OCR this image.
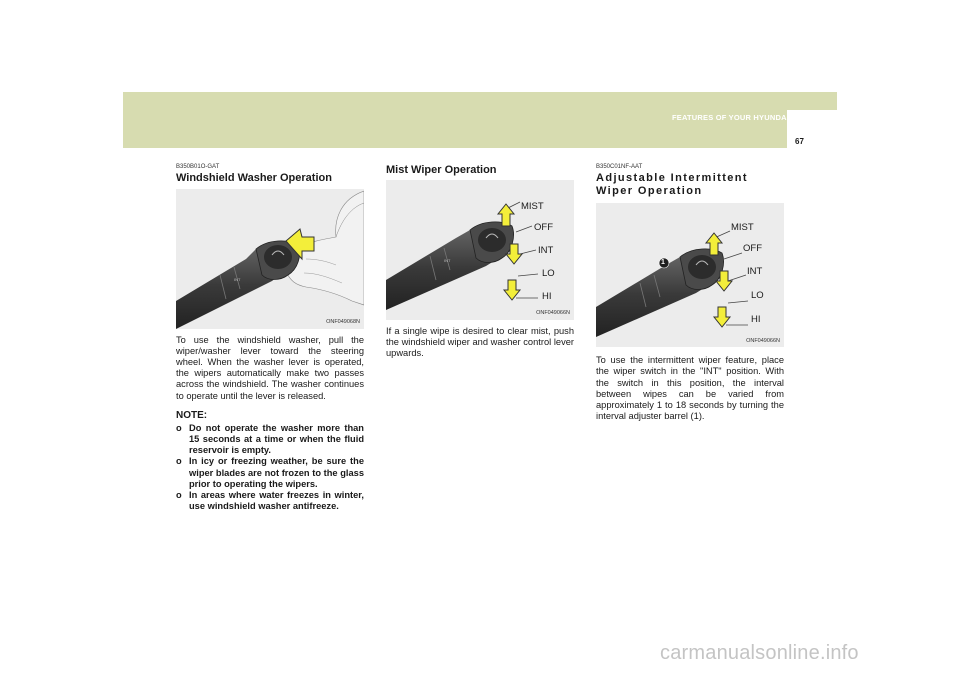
FEATURES OF YOUR HYUNDAI 1
67

B350B01O-GAT

Windshield Washer Operation
INT
ONF049068N

To use the windshield washer, pull the wiper/washer lever toward the steering wheel. When the washer lever is operated, the wipers automatically make two passes across the windshield. The washer continues to operate until the lever is released.

NOTE:

o Do not operate the washer more than 15 seconds at a time or when the fluid reservoir is empty.
o In icy or freezing weather, be sure the wiper blades are not frozen to the glass prior to operating the wipers.
o In areas where water freezes in winter, use windshield washer antifreeze.
Mist Wiper Operation
INT
MIST
OFF
INT
LO
HI
ONF049066N

If a single wipe is desired to clear mist, push the windshield wiper and washer control lever upwards.

B350C01NF-AAT

Adjustable Intermittent Wiper Operation
1
MIST
OFF
INT
LO
HI
ONF049066N

To use the intermittent wiper feature, place the wiper switch in the "INT" position. With the switch in this position, the interval between wipes can be varied from approximately 1 to 18 seconds by turning the interval adjuster barrel (1).

carmanualsonline.info
